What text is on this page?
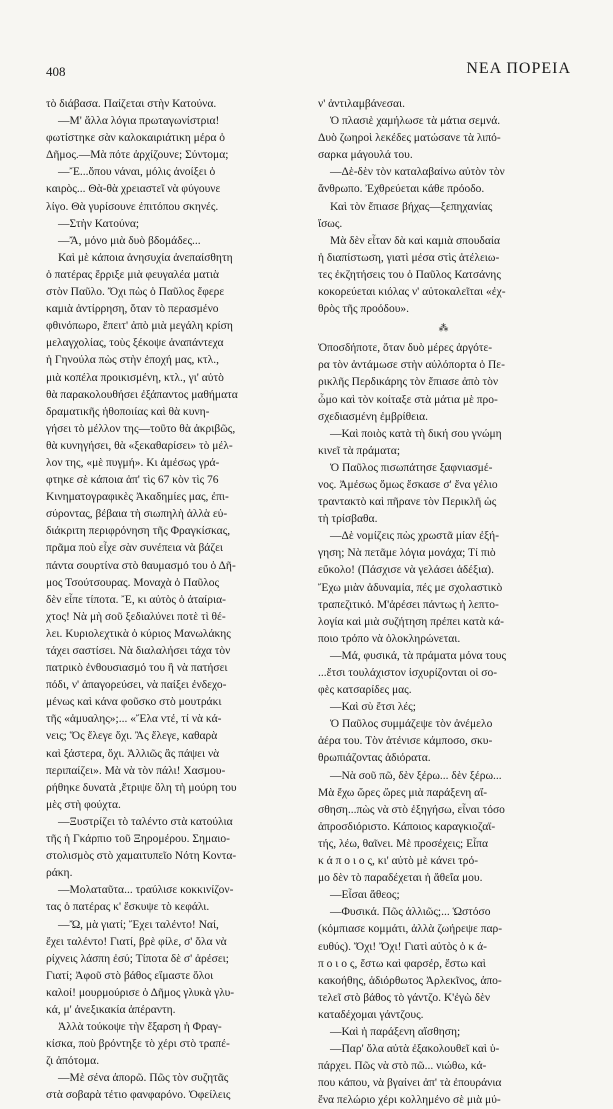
408	ΝΕΑ ΠΟΡΕΙΑ
τὸ διάβασα. Παίζεται στὴν Κατούνα.
—Μ' ἄλλα λόγια πρωταγωνίστρια!
φωτίστηκε σὰν καλοκαιριάτικη μέρα ὁ
Δῆμος.—Μὰ πότε ἀρχίζουνε; Σύντομα;
—Ἔ...ὅπου νάναι, μόλις ἀνοίξει ὁ
καιρὸς... Θὰ-θὰ χρειαστεῖ νὰ φύγουνε
λίγο. Θὰ γυρίσουνε ἐπιτόπου σκηνές.
—Στὴν Κατούνα;
—Ἄ, μόνο μιὰ δυὸ βδομάδες...
Καὶ μὲ κάποια ἀνησυχία ἀνεπαίσθητη
ὁ πατέρας ἔρριξε μιὰ φευγαλέα ματιὰ
στὸν Παῦλο. Ὄχι πὼς ὁ Παῦλος ἔφερε
καμιὰ ἀντίρρηση, ὅταν τὸ περασμένο
φθινόπωρο, ἔπειτ' ἀπὸ μιὰ μεγάλη κρίση
μελαγχολίας, τοὺς ξέκοψε ἀναπάντεχα
ἡ Γηνούλα πὼς στὴν ἐποχή μας, κτλ.,
μιὰ κοπέλα προικισμένη, κτλ., γι' αὐτὸ
θὰ παρακολουθήσει ἐξάπαντος μαθήματα
δραματικῆς ἠθοποιίας καὶ θὰ κυνη-
γήσει τὸ μέλλον της—τοῦτο θὰ ἀκριβῶς,
θὰ κυνηγήσει, θὰ «ξεκαθαρίσει» τὸ μέλ-
λον της, «μὲ πυγμή». Κι ἀμέσως γρά-
φτηκε σὲ κάποια ἀπ' τὶς 67 κὸν τὶς 76
Κινηματογραφικὲς Ἀκαδημίες μας, ἐπι-
σύροντας, βέβαια τὴ σιωπηλὴ ἀλλὰ εὐ-
διάκριτη περιφρόνηση τῆς Φραγκίσκας,
πρᾶμα ποὺ εἶχε σὰν συνέπεια νὰ βάζει
πάντα σουρτίνα στὸ θαυμασμό του ὁ Δῆ-
μος Τσούτσουρας. Μοναχὰ ὁ Παῦλος
δὲν εἶπε τίποτα. Ἔ, κι αὐτὸς ὁ ἀταίρια-
χτος! Νὰ μὴ σοῦ ξεδιαλύνει ποτὲ τὶ θέ-
λει. Κυριολεχτικὰ ὁ κύριος Μανωλάκης
τάχει σαστίσει. Νὰ διαλαλήσει τάχα τὸν
πατρικὸ ἐνθουσιασμό του ἢ νὰ πατήσει
πόδι, ν' ἀπαγορεύσει, νὰ παίξει ἐνδεχο-
μένως καὶ κάνα φοῦσκο στὸ μουτράκι
τῆς «ἀμυαλης»;... «Ἔλα ντέ, τί νὰ κά-
νεις; Ὅς ἔλεγε ὄχι. Ἂς ἔλεγε, καθαρὰ
καὶ ξάστερα, ὄχι. Ἀλλιῶς ἂς πάψει νὰ
περιπαίζει». Μὰ νὰ τὸν πάλι! Χασμου-
ρήθηκε δυνατὰ ,ἔτριψε ὅλη τὴ μούρη του
μὲς στὴ φούχτα.
—Ξυστρίζει τὸ ταλέντο στὰ κατούλια
τῆς ἡ Γκάρπιο τοῦ Ξηρομέρου. Σημαιο-
στολισμὸς στὸ χαμαιτυπεῖο Νότη Κοντα-
ράκη.
—Μολαταῦτα... τραύλισε κοκκινίζον-
τας ὁ πατέρας κ' ἔσκυψε τὸ κεφάλι.
—Ὤ, μὰ γιατί; Ἔχει ταλέντο! Ναί,
ἔχει ταλέντο! Γιατί, βρὲ φίλε, σ' ὅλα νὰ
ρίχνεις λάσπη ἐσύ; Τίποτα δὲ σ' ἀρέσει;
Γιατί; Ἀφοῦ στὸ βάθος εἴμαστε ὅλοι
καλοί! μουρμούρισε ὁ Δῆμος γλυκὰ γλυ-
κά, μ' ἀνεξικακία ἀπέραντη.
Ἀλλὰ τούκοψε τὴν ἔξαρση ἡ Φραγ-
κίσκα, ποὺ βρόντηξε τὸ χέρι στὸ τραπέ-
ζι ἀπότομα.
—Μὲ σένα ἀπορῶ. Πῶς τὸν συζητᾶς
στὰ σοβαρὰ τέτιο φανφαρόνο. Ὀφείλεις
ν' ἀντιλαμβάνεσαι.
Ὁ πλασιὲ χαμήλωσε τὰ μάτια σεμνά.
Δυὸ ζωηροὶ λεκέδες ματώσανε τὰ λιπό-
σαρκα μάγουλά του.
—Δὲ-δὲν τὸν καταλαβαίνω αὐτὸν τὸν
ἄνθρωπο. Ἐχθρεύεται κάθε πρόοδο.
Καὶ τὸν ἔπιασε βήχας—ξεπηχανίας
ἴσως.
Μὰ δὲν εἶταν δὰ καὶ καμιὰ σπουδαία
ἡ διαπίστωση, γιατὶ μέσα στὶς ἀτέλειω-
τες ἐκζητήσεις του ὁ Παῦλος Κατσάνης
κοκορεύεται κιόλας ν' αὐτοκαλεῖται «ἐχ-
θρὸς τῆς προόδου».
⁂
Ὁποσδήποτε, ὅταν δυὸ μέρες ἀργότε-
ρα τὸν ἀντάμωσε στὴν αὐλόπορτα ὁ Πε-
ρικλῆς Περδικάρης τὸν ἔπιασε ἀπὸ τὸν
ὦμο καὶ τὸν κοίταξε στὰ μάτια μὲ προ-
σχεδιασμένη ἐμβρίθεια.
—Καὶ ποιὸς κατὰ τὴ δική σου γνώμη
κινεῖ τὰ πράματα;
Ὁ Παῦλος πισωπάτησε ξαφνιασμέ-
νος. Ἀμέσως ὅμως ἔσκασε σ' ἕνα γέλιο
τραντακτὸ καὶ πῆρανε τὸν Περικλῆ ὡς
τὴ τρίσβαθα.
—Δὲ νομίζεις πὼς χρωστᾶ μίαν ἐξή-
γηση; Νὰ πετᾶμε λόγια μονάχα; Τί πιὸ
εὔκολο! (Πάσχισε νὰ γελάσει ἀδέξια).
Ἔχω μιὰν ἀδυναμία, πές με σχολαστικὸ
τραπεζιτικό. Μ'ἀρέσει πάντως ἡ λεπτο-
λογία καὶ μιὰ συζήτηση πρέπει κατὰ κά-
ποιο τρόπο νὰ ὁλοκληρώνεται.
—Μά, φυσικά, τὰ πράματα μόνα τους
...ἔτσι τουλάχιστον ἰσχυρίζονται οἱ σο-
φὲς κατσαρίδες μας.
—Καὶ σὺ ἔτσι λές;
Ὁ Παῦλος συμμάζεψε τὸν ἀνέμελο
ἀέρα του. Τὸν ἀτένισε κάμποσο, σκυ-
θρωπιάζοντας ἀδιόρατα.
—Νὰ σοῦ πῶ, δὲν ξέρω... δὲν ξέρω...
Μὰ ἔχω ὥρες ὥρες μιὰ παράξενη αἴ-
σθηση...πὼς νὰ στὸ ἐξηγήσω, εἶναι τόσο
ἀπροσδιόριστο. Κάποιος καραγκιοζαϊ-
τής, λέω, θαῖνει. Μὲ προσέχεις; Εἶπα
κ ά π ο ι ο ς, κι' αὐτὸ μὲ κάνει τρό-
μο δὲν τὸ παραδέχεται ἡ ἄθεΐα μου.
—Εἶσαι ἄθεος;
—Φυσικά. Πῶς ἀλλιῶς;... Ὡστόσο
(κόμπιασε κομμάτι, ἀλλὰ ζωήρεψε παρ-
ευθύς). Ὄχι! Ὄχι! Γιατὶ αὐτὸς ὁ κ ά-
π ο ι ο ς, ἔστω καὶ φαρσέρ, ἔστω καὶ
κακοήθης, ἀδιόρθωτος Ἀρλεκῖνος, ἀπο-
τελεῖ στὸ βάθος τὸ γάντζο. Κ'ἐγὼ δὲν
καταδέχομαι γάντζους.
—Καὶ ἡ παράξενη αἴσθηση;
—Παρ' ὅλα αὐτὰ ἐξακολουθεῖ καὶ ὑ-
πάρχει. Πῶς νὰ στὸ πῶ... νιώθω, κά-
που κάπου, νὰ βγαίνει ἀπ' τὰ ἐπουράνια
ἕνα πελώριο χέρι κολλημένο σὲ μιὰ μύ-
